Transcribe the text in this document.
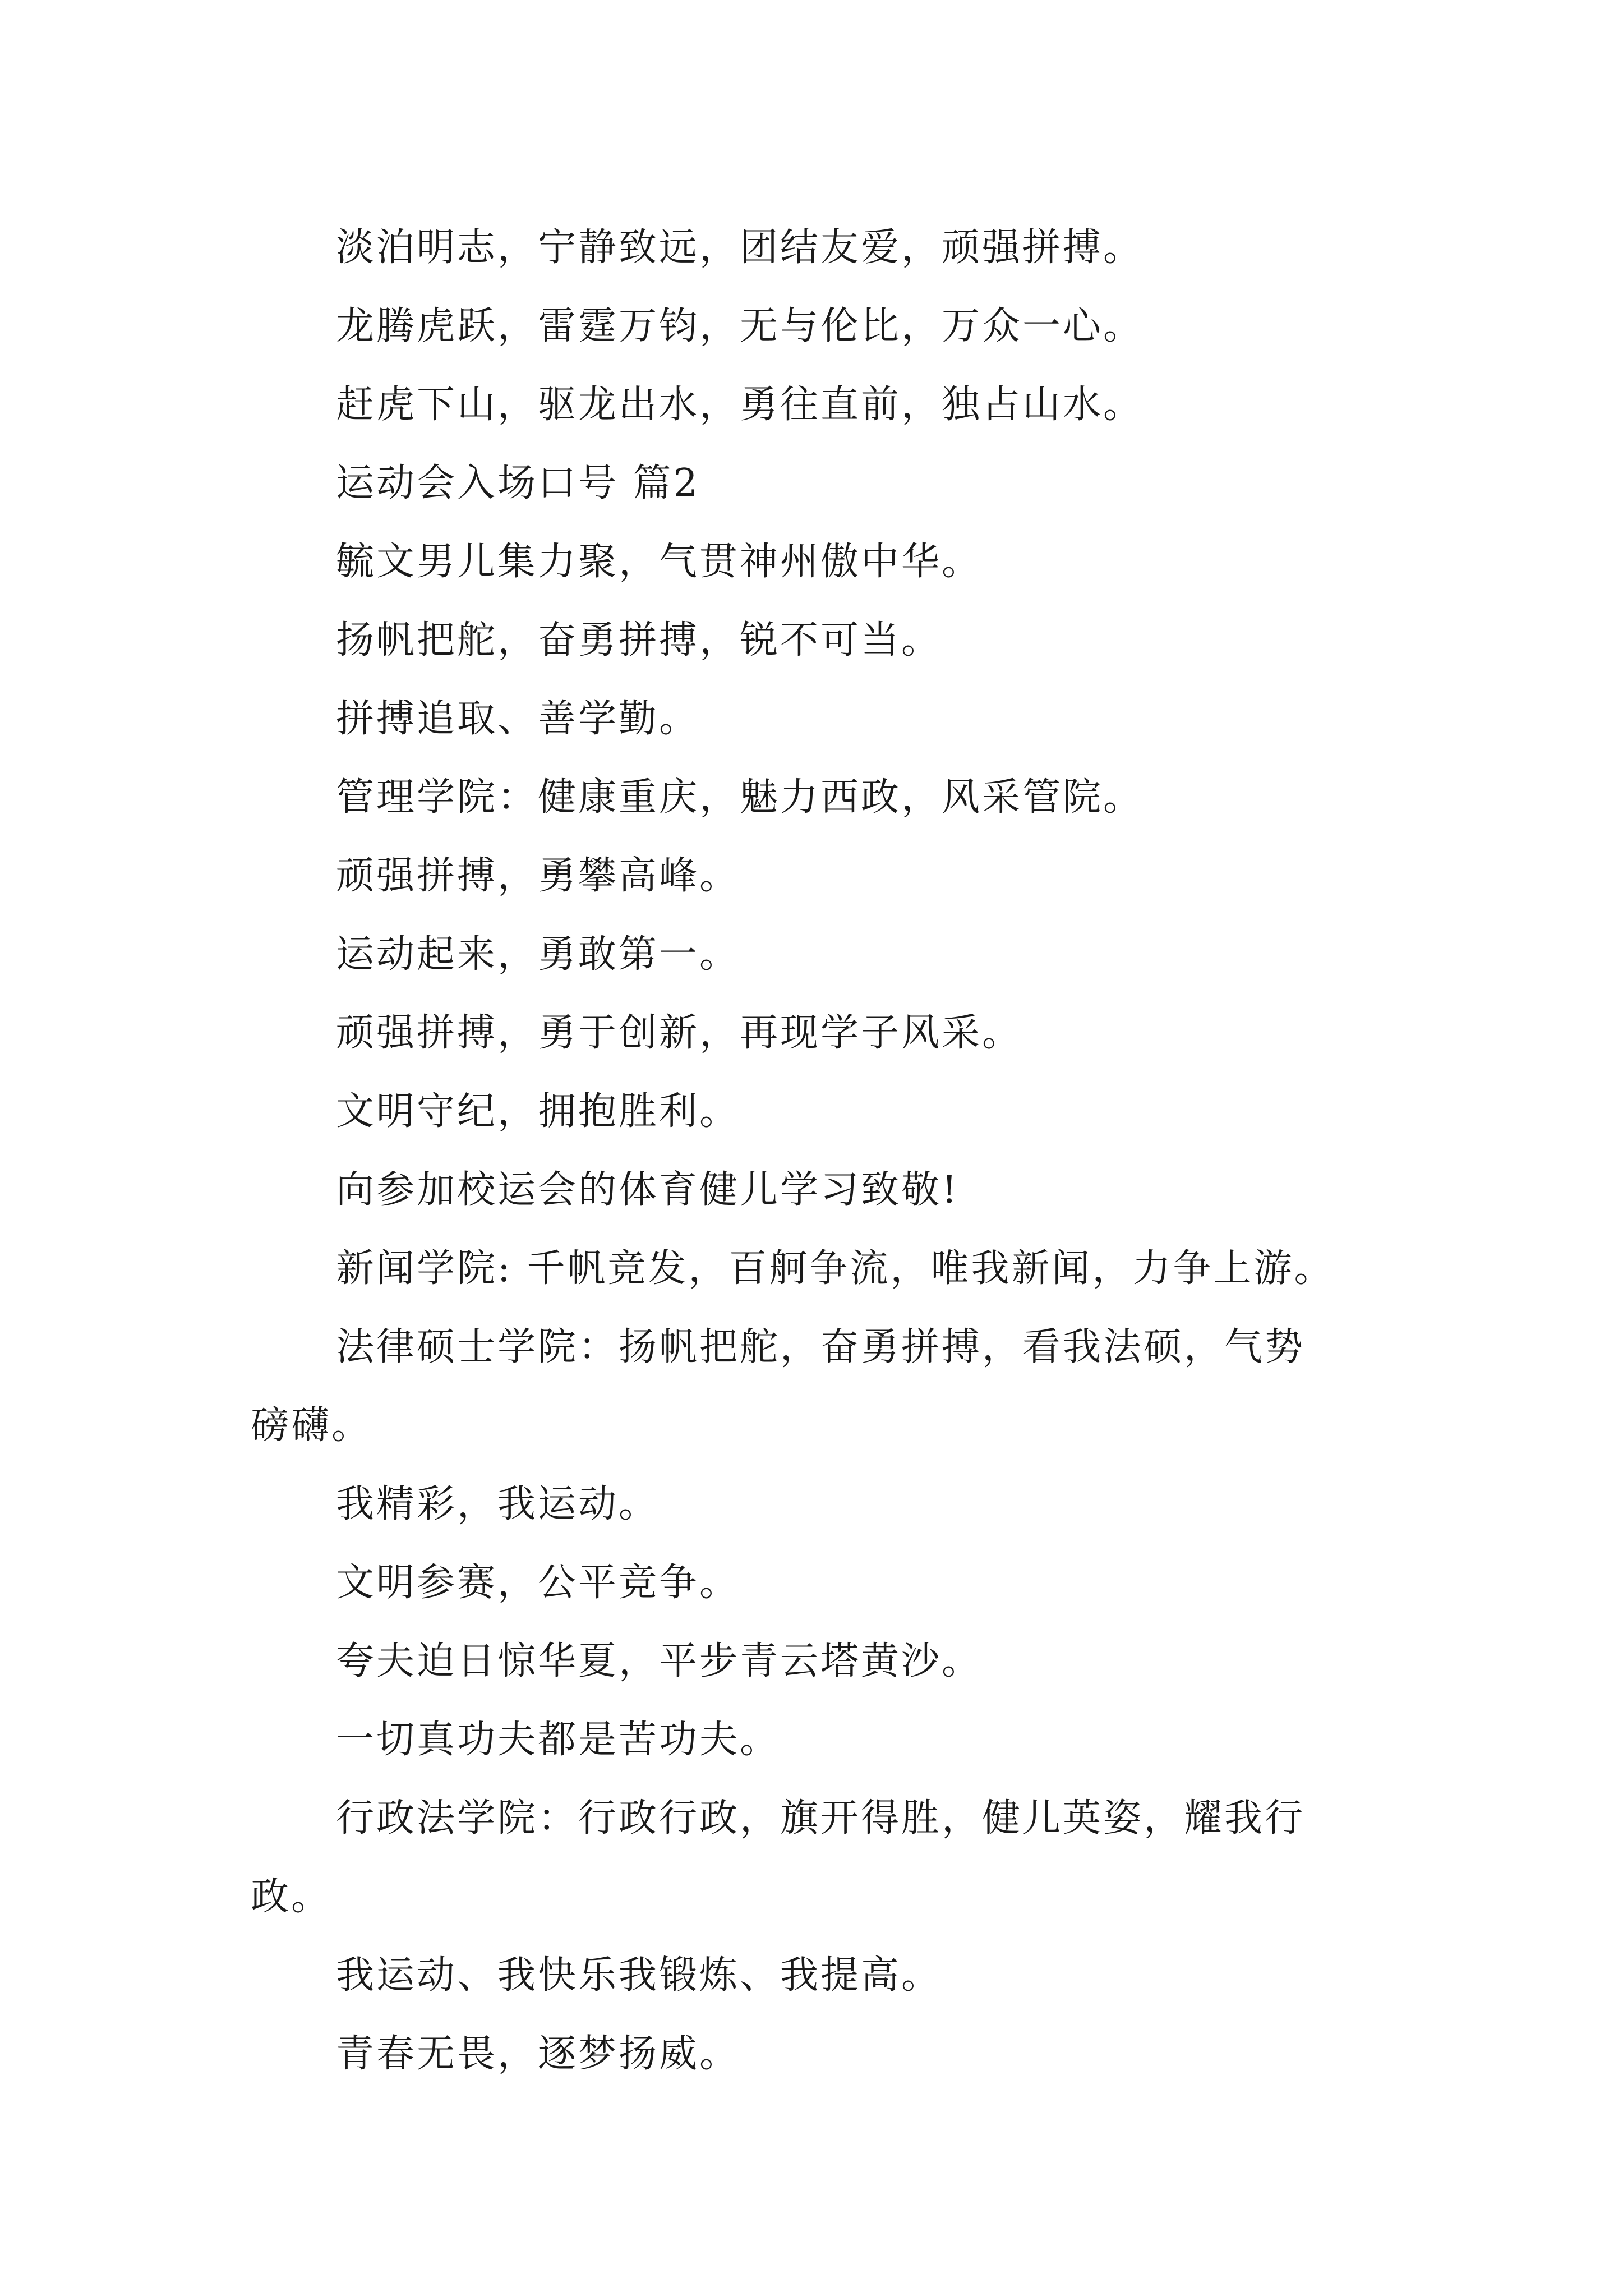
淡泊明志，宁静致远，团结友爱，顽强拼搏。
龙腾虎跃，雷霆万钧，无与伦比，万众一心。
赶虎下山，驱龙出水，勇往直前，独占山水。
运动会入场口号 篇2
毓文男儿集力聚，气贯神州傲中华。
扬帆把舵，奋勇拼搏，锐不可当。
拼搏追取、善学勤。
管理学院：健康重庆，魅力西政，风采管院。
顽强拼搏，勇攀高峰。
运动起来，勇敢第一。
顽强拼搏，勇于创新，再现学子风采。
文明守纪，拥抱胜利。
向参加校运会的体育健儿学习致敬!
新闻学院: 千帆竞发，百舸争流，唯我新闻，力争上游。
法律硕士学院：扬帆把舵，奋勇拼搏，看我法硕，气势
磅礴。
我精彩，我运动。
文明参赛，公平竞争。
夸夫迫日惊华夏，平步青云塔黄沙。
一切真功夫都是苦功夫。
行政法学院：行政行政，旗开得胜，健儿英姿，耀我行
政。
我运动、我快乐我锻炼、我提高。
青春无畏，逐梦扬威。
